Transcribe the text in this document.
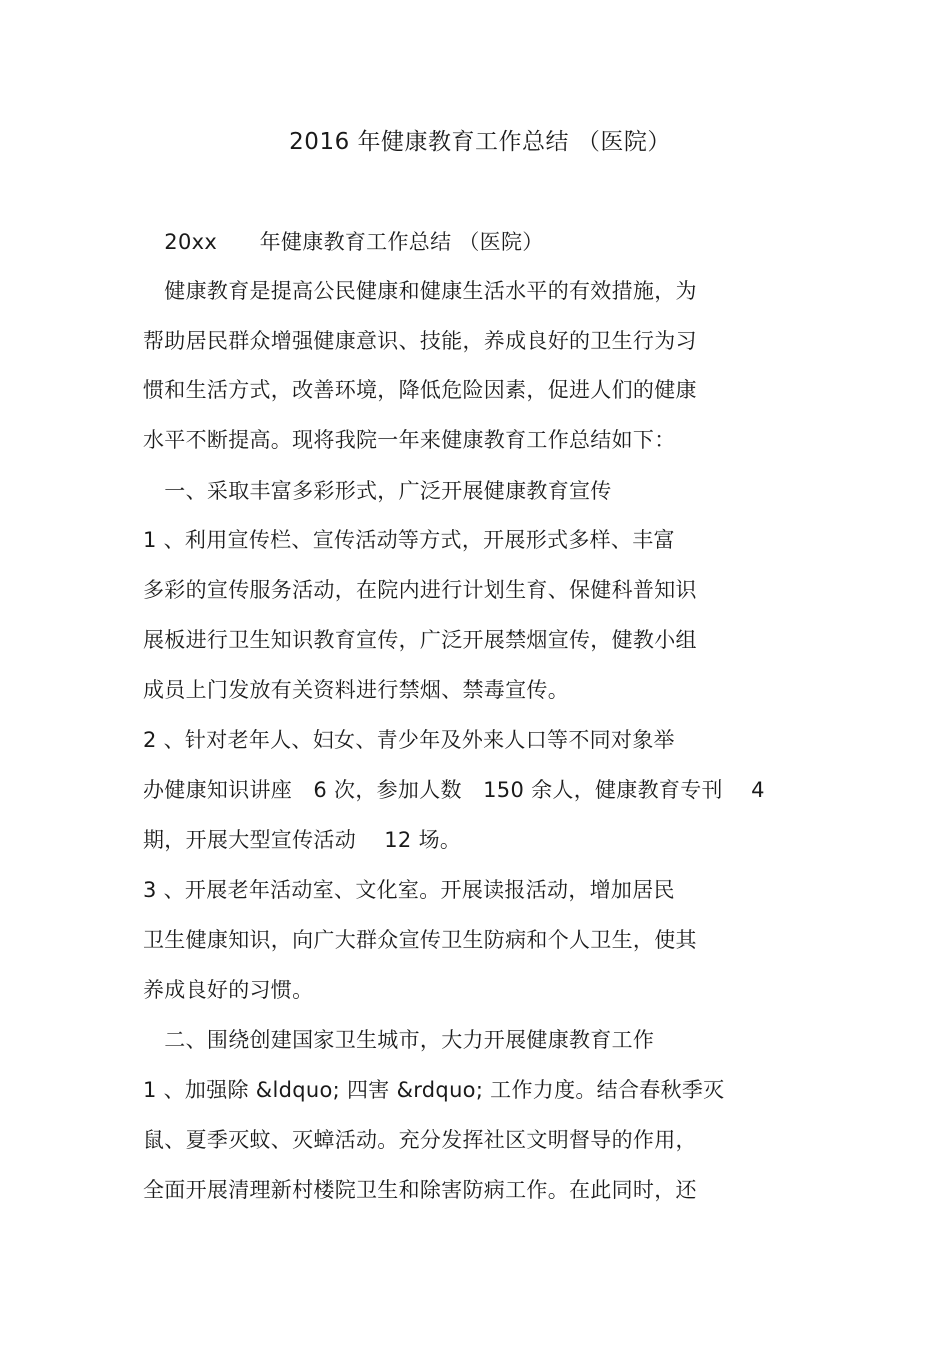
2016 年健康教育工作总结 （医院）
　20xx　　年健康教育工作总结 （医院）
　健康教育是提高公民健康和健康生活水平的有效措施，为
帮助居民群众增强健康意识、技能，养成良好的卫生行为习
惯和生活方式，改善环境，降低危险因素，促进人们的健康
水平不断提高。现将我院一年来健康教育工作总结如下：
　一、采取丰富多彩形式，广泛开展健康教育宣传
1 、利用宣传栏、宣传活动等方式，开展形式多样、丰富
多彩的宣传服务活动，在院内进行计划生育、保健科普知识
展板进行卫生知识教育宣传，广泛开展禁烟宣传，健教小组
成员上门发放有关资料进行禁烟、禁毒宣传。
2 、针对老年人、妇女、青少年及外来人口等不同对象举
办健康知识讲座　6 次，参加人数　150 余人，健康教育专刊　 4
期，开展大型宣传活动　 12 场。
3 、开展老年活动室、文化室。开展读报活动，增加居民
卫生健康知识，向广大群众宣传卫生防病和个人卫生，使其
养成良好的习惯。
　二、围绕创建国家卫生城市，大力开展健康教育工作
1 、加强除 &ldquo; 四害 &rdquo; 工作力度。结合春秋季灭
鼠、夏季灭蚊、灭蟑活动。充分发挥社区文明督导的作用，
全面开展清理新村楼院卫生和除害防病工作。在此同时，还
